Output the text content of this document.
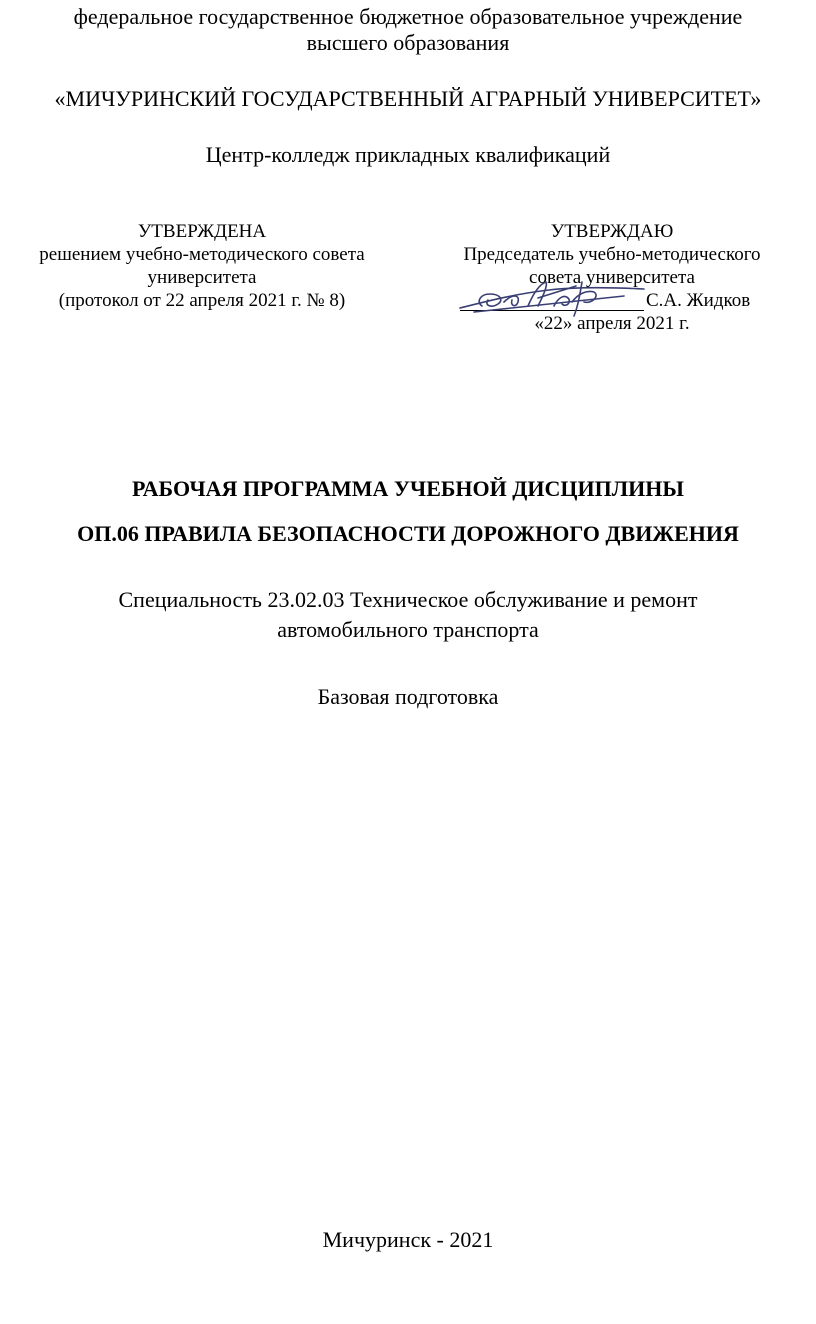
федеральное государственное бюджетное образовательное учреждение
высшего образования
«МИЧУРИНСКИЙ ГОСУДАРСТВЕННЫЙ АГРАРНЫЙ УНИВЕРСИТЕТ»
Центр-колледж прикладных квалификаций
УТВЕРЖДЕНА
решением учебно-методического совета
университета
(протокол от 22 апреля 2021 г. № 8)
УТВЕРЖДАЮ
Председатель учебно-методического
совета университета
С.А. Жидков
«22» апреля 2021 г.
РАБОЧАЯ ПРОГРАММА УЧЕБНОЙ ДИСЦИПЛИНЫ
ОП.06 ПРАВИЛА БЕЗОПАСНОСТИ ДОРОЖНОГО ДВИЖЕНИЯ
Специальность 23.02.03 Техническое обслуживание и ремонт
автомобильного транспорта
Базовая подготовка
Мичуринск - 2021
